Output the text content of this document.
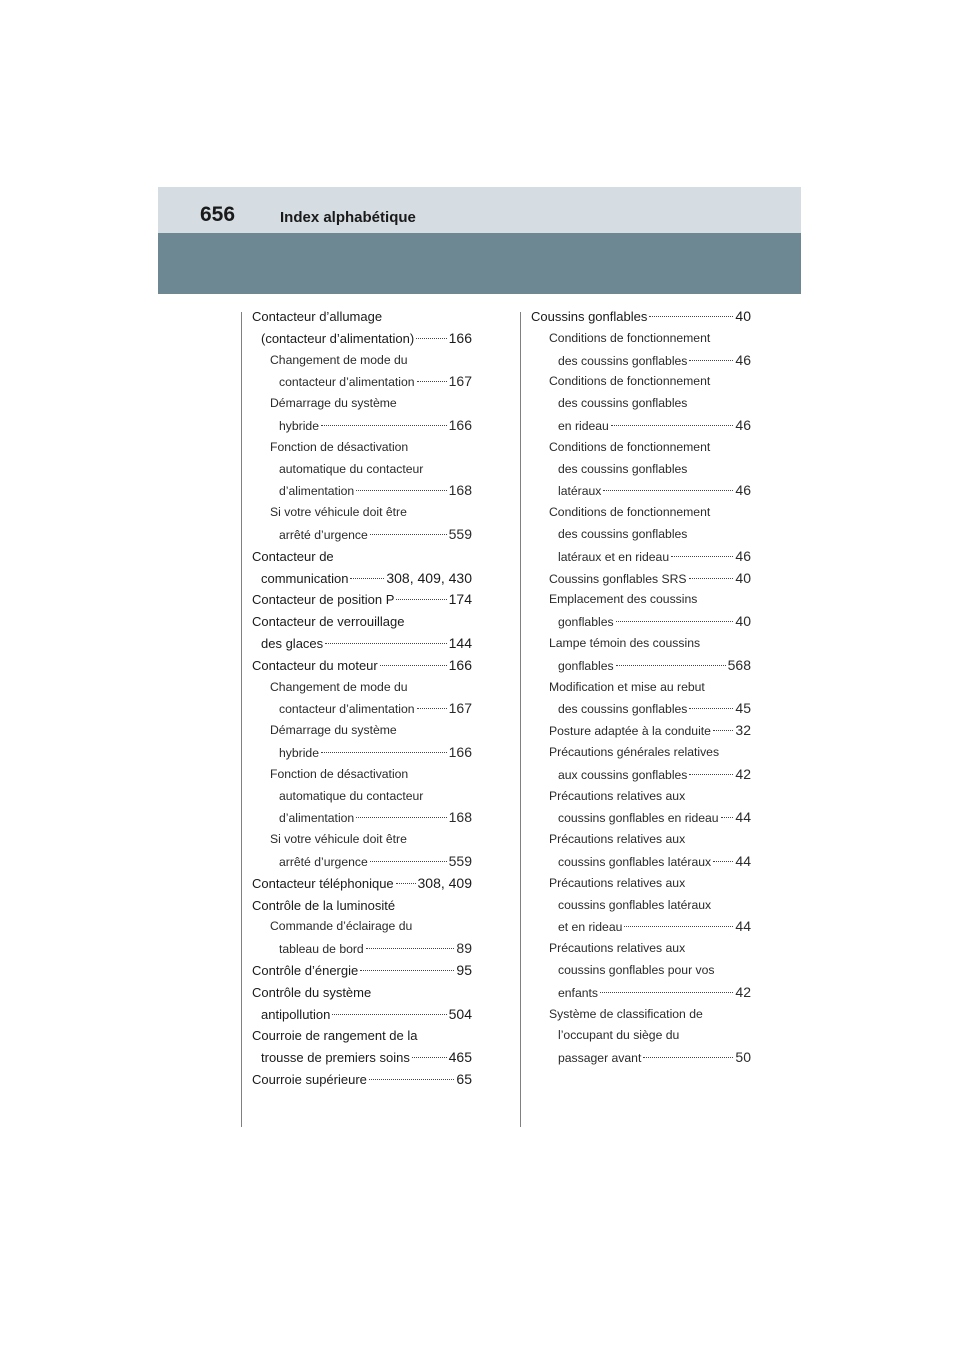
656	Index alphabétique
Contacteur d’allumage
(contacteur d’alimentation) 166
Changement de mode du
contacteur d’alimentation 167
Démarrage du système
hybride	166
Fonction de désactivation
automatique du contacteur
d’alimentation	168
Si votre véhicule doit être
arrêté d’urgence	559
Contacteur de
communication	308, 409, 430
Contacteur de position P	174
Contacteur de verrouillage
des glaces	144
Contacteur du moteur	166
Changement de mode du
contacteur d’alimentation 167
Démarrage du système
hybride	166
Fonction de désactivation
automatique du contacteur
d’alimentation	168
Si votre véhicule doit être
arrêté d’urgence	559
Contacteur téléphonique 308, 409
Contrôle de la luminosité
Commande d’éclairage du
tableau de bord	89
Contrôle d’énergie	95
Contrôle du système
antipollution	504
Courroie de rangement de la
trousse de premiers soins	465
Courroie supérieure	65
Coussins gonflables	40
Conditions de fonctionnement
des coussins gonflables	46
Conditions de fonctionnement
des coussins gonflables
en rideau	46
Conditions de fonctionnement
des coussins gonflables
latéraux	46
Conditions de fonctionnement
des coussins gonflables
latéraux et en rideau	46
Coussins gonflables SRS	40
Emplacement des coussins
gonflables	40
Lampe témoin des coussins
gonflables	568
Modification et mise au rebut
des coussins gonflables	45
Posture adaptée à la conduite 32
Précautions générales relatives
aux coussins gonflables	42
Précautions relatives aux
coussins gonflables en rideau 44
Précautions relatives aux
coussins gonflables latéraux 44
Précautions relatives aux
coussins gonflables latéraux
et en rideau	44
Précautions relatives aux
coussins gonflables pour vos
enfants	42
Système de classification de
l’occupant du siège du
passager avant	50
